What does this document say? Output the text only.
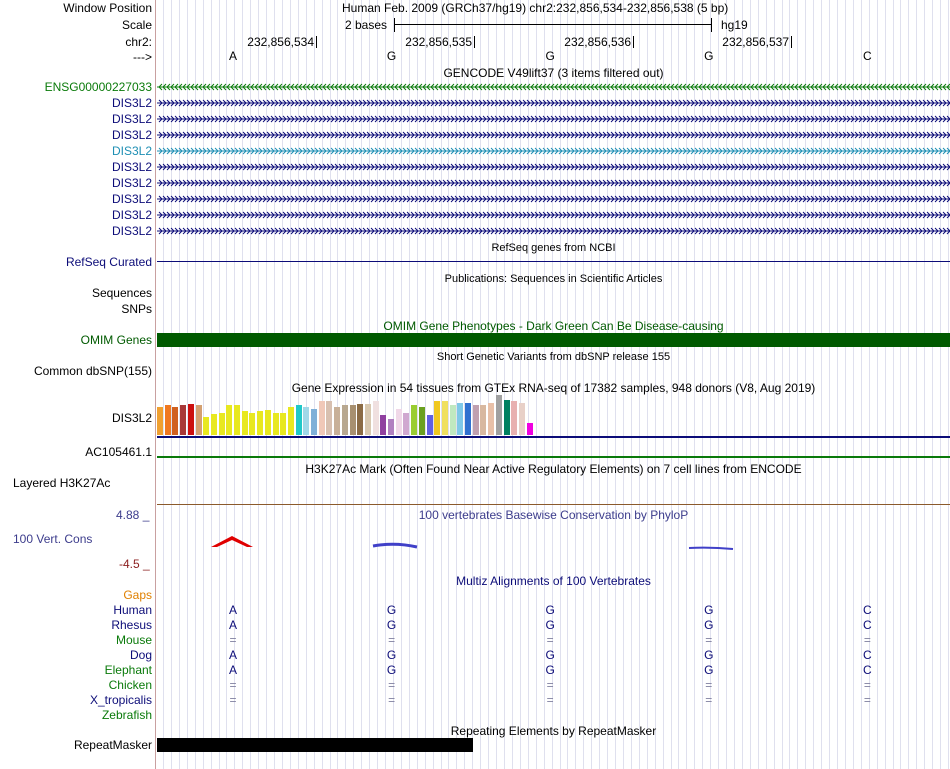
Window Position	Human Feb. 2009 (GRCh37/hg19) chr2:232,856,534-232,856,538 (5 bp)
Scale	2 bases	hg19
chr2:	232,856,534	232,856,535	232,856,536	232,856,537
--->	A	G	G	G	C
GENCODE V49lift37 (3 items filtered out)
ENSG00000227033
DIS3L2
DIS3L2
DIS3L2
DIS3L2
DIS3L2
DIS3L2
DIS3L2
DIS3L2
DIS3L2
RefSeq genes from NCBI
RefSeq Curated
Publications: Sequences in Scientific Articles
Sequences
SNPs
OMIM Gene Phenotypes - Dark Green Can Be Disease-causing
OMIM Genes
Short Genetic Variants from dbSNP release 155
Common dbSNP(155)
Gene Expression in 54 tissues from GTEx RNA-seq of 17382 samples, 948 donors (V8, Aug 2019)
DIS3L2
AC105461.1
H3K27Ac Mark (Often Found Near Active Regulatory Elements) on 7 cell lines from ENCODE
Layered H3K27Ac
100 vertebrates Basewise Conservation by PhyloP
4.88 _
100 Vert. Cons
-4.5 _
Multiz Alignments of 100 Vertebrates
Gaps
Human	A	G	G	G	C
Rhesus	A	G	G	G	C
Mouse	=	=	=	=	=
Dog	A	G	G	G	C
Elephant	A	G	G	G	C
Chicken	=	=	=	=	=
X_tropicalis	=	=	=	=	=
Zebrafish
Repeating Elements by RepeatMasker
RepeatMasker
